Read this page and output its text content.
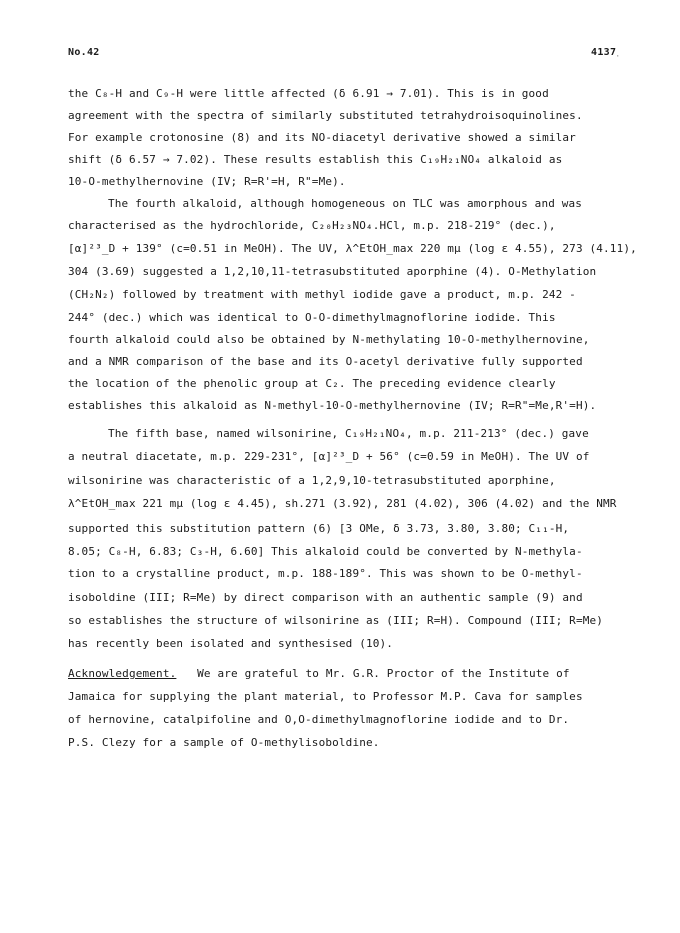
No.42	4137
·
the C₈-H and C₉-H were little affected (δ 6.91 → 7.01). This is in good
agreement with the spectra of similarly substituted tetrahydroisoquinolines.
For example crotonosine (8) and its NO-diacetyl derivative showed a similar
shift (δ 6.57 → 7.02). These results establish this C₁₉H₂₁NO₄ alkaloid as
10-O-methylhernovine (IV; R=R'=H, R"=Me).
The fourth alkaloid, although homogeneous on TLC was amorphous and was
characterised as the hydrochloride, C₂₀H₂₃NO₄.HCl, m.p. 218-219° (dec.),
[α]²³_D + 139° (c=0.51 in MeOH). The UV, λ^EtOH_max 220 mμ (log ε 4.55), 273 (4.11),
304 (3.69) suggested a 1,2,10,11-tetrasubstituted aporphine (4). O-Methylation
(CH₂N₂) followed by treatment with methyl iodide gave a product, m.p. 242 -
244° (dec.) which was identical to O-O-dimethylmagnoflorine iodide. This
fourth alkaloid could also be obtained by N-methylating 10-O-methylhernovine,
and a NMR comparison of the base and its O-acetyl derivative fully supported
the location of the phenolic group at C₂. The preceding evidence clearly
establishes this alkaloid as N-methyl-10-O-methylhernovine (IV; R=R"=Me,R'=H).
The fifth base, named wilsonirine, C₁₉H₂₁NO₄, m.p. 211-213° (dec.) gave
a neutral diacetate, m.p. 229-231°, [α]²³_D + 56° (c=0.59 in MeOH). The UV of
wilsonirine was characteristic of a 1,2,9,10-tetrasubstituted aporphine,
λ^EtOH_max 221 mμ (log ε 4.45), sh.271 (3.92), 281 (4.02), 306 (4.02) and the NMR
supported this substitution pattern (6) [3 OMe, δ 3.73, 3.80, 3.80; C₁₁-H,
8.05; C₈-H, 6.83; C₃-H, 6.60] This alkaloid could be converted by N-methyla-
tion to a crystalline product, m.p. 188-189°. This was shown to be O-methyl-
isoboldine (III; R=Me) by direct comparison with an authentic sample (9) and
so establishes the structure of wilsonirine as (III; R=H). Compound (III; R=Me)
has recently been isolated and synthesised (10).
Acknowledgement. We are grateful to Mr. G.R. Proctor of the Institute of
Jamaica for supplying the plant material, to Professor M.P. Cava for samples
of hernovine, catalpifoline and O,O-dimethylmagnoflorine iodide and to Dr.
P.S. Clezy for a sample of O-methylisoboldine.
